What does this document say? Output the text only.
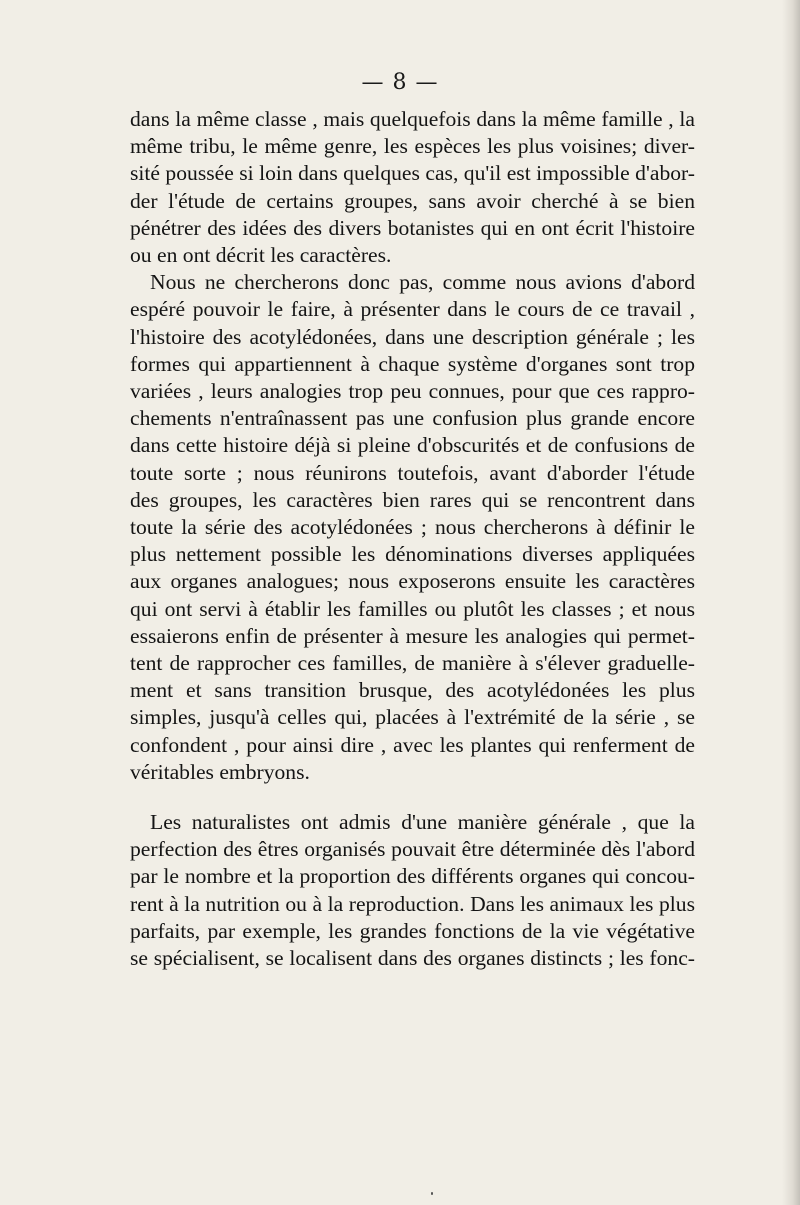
— 8 —

dans la même classe , mais quelquefois dans la même famille , la
même tribu, le même genre, les espèces les plus voisines; diver-
sité poussée si loin dans quelques cas, qu'il est impossible d'abor-
der l'étude de certains groupes, sans avoir cherché à se bien
pénétrer des idées des divers botanistes qui en ont écrit l'histoire
ou en ont décrit les caractères.

Nous ne chercherons donc pas, comme nous avions d'abord
espéré pouvoir le faire, à présenter dans le cours de ce travail ,
l'histoire des acotylédonées, dans une description générale ; les
formes qui appartiennent à chaque système d'organes sont trop
variées , leurs analogies trop peu connues, pour que ces rappro-
chements n'entraînassent pas une confusion plus grande encore
dans cette histoire déjà si pleine d'obscurités et de confusions de
toute sorte ; nous réunirons toutefois, avant d'aborder l'étude
des groupes, les caractères bien rares qui se rencontrent dans
toute la série des acotylédonées ; nous chercherons à définir le
plus nettement possible les dénominations diverses appliquées
aux organes analogues; nous exposerons ensuite les caractères
qui ont servi à établir les familles ou plutôt les classes ; et nous
essaierons enfin de présenter à mesure les analogies qui permet-
tent de rapprocher ces familles, de manière à s'élever graduelle-
ment et sans transition brusque, des acotylédonées les plus
simples, jusqu'à celles qui, placées à l'extrémité de la série , se
confondent , pour ainsi dire , avec les plantes qui renferment de
véritables embryons.

Les naturalistes ont admis d'une manière générale , que la
perfection des êtres organisés pouvait être déterminée dès l'abord
par le nombre et la proportion des différents organes qui concou-
rent à la nutrition ou à la reproduction. Dans les animaux les plus
parfaits, par exemple, les grandes fonctions de la vie végétative
se spécialisent, se localisent dans des organes distincts ; les fonc-
